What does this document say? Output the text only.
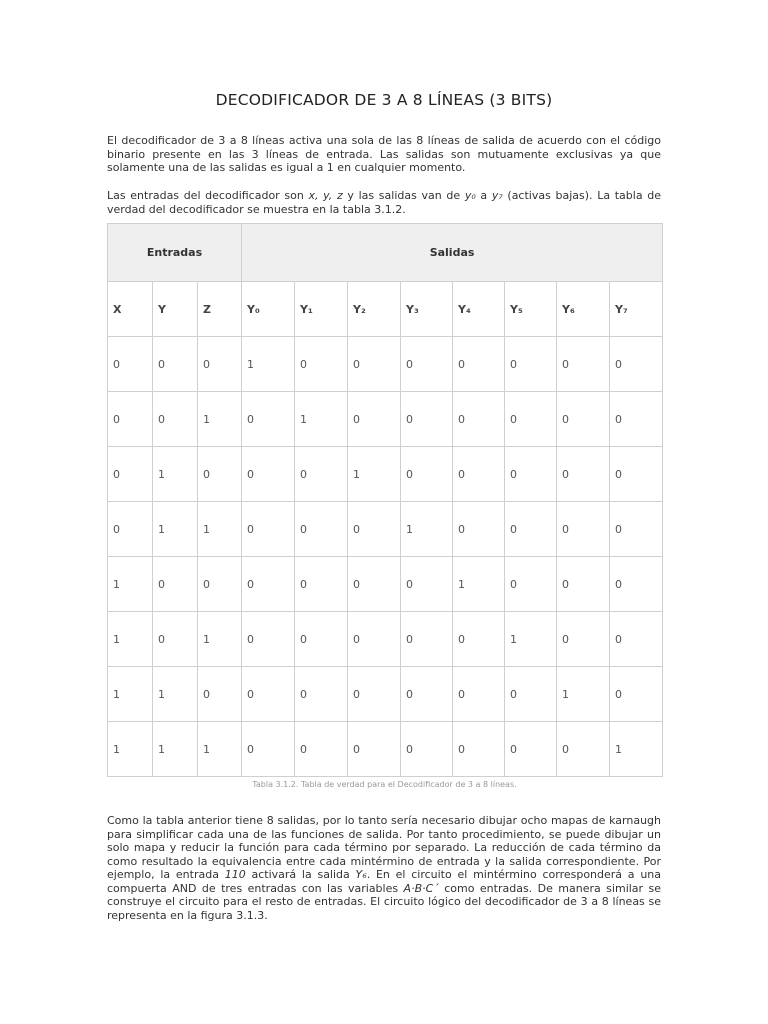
DECODIFICADOR DE 3 A 8 LÍNEAS (3 BITS)

El decodificador de 3 a 8 líneas activa una sola de las 8 líneas de salida de acuerdo con el código binario presente en las 3 líneas de entrada. Las salidas son mutuamente exclusivas ya que solamente una de las salidas es igual a 1 en cualquier momento.

Las entradas del decodificador son x, y, z y las salidas van de y₀ a y₇ (activas bajas). La tabla de verdad del decodificador se muestra en la tabla 3.1.2.

Entradas			Salidas							
X	Y	Z	Y₀	Y₁	Y₂	Y₃	Y₄	Y₅	Y₆	Y₇
0	0	0	1	0	0	0	0	0	0	0
0	0	1	0	1	0	0	0	0	0	0
0	1	0	0	0	1	0	0	0	0	0
0	1	1	0	0	0	1	0	0	0	0
1	0	0	0	0	0	0	1	0	0	0
1	0	1	0	0	0	0	0	1	0	0
1	1	0	0	0	0	0	0	0	1	0
1	1	1	0	0	0	0	0	0	0	1
Tabla 3.1.2. Tabla de verdad para el Decodificador de 3 a 8 líneas.

Como la tabla anterior tiene 8 salidas, por lo tanto sería necesario dibujar ocho mapas de karnaugh para simplificar cada una de las funciones de salida. Por tanto procedimiento, se puede dibujar un solo mapa y reducir la función para cada término por separado. La reducción de cada término da como resultado la equivalencia entre cada mintérmino de entrada y la salida correspondiente. Por ejemplo, la entrada 110 activará la salida Y₆. En el circuito el mintérmino corresponderá a una compuerta AND de tres entradas con las variables A·B·C´ como entradas. De manera similar se construye el circuito para el resto de entradas. El circuito lógico del decodificador de 3 a 8 líneas se representa en la figura 3.1.3.
